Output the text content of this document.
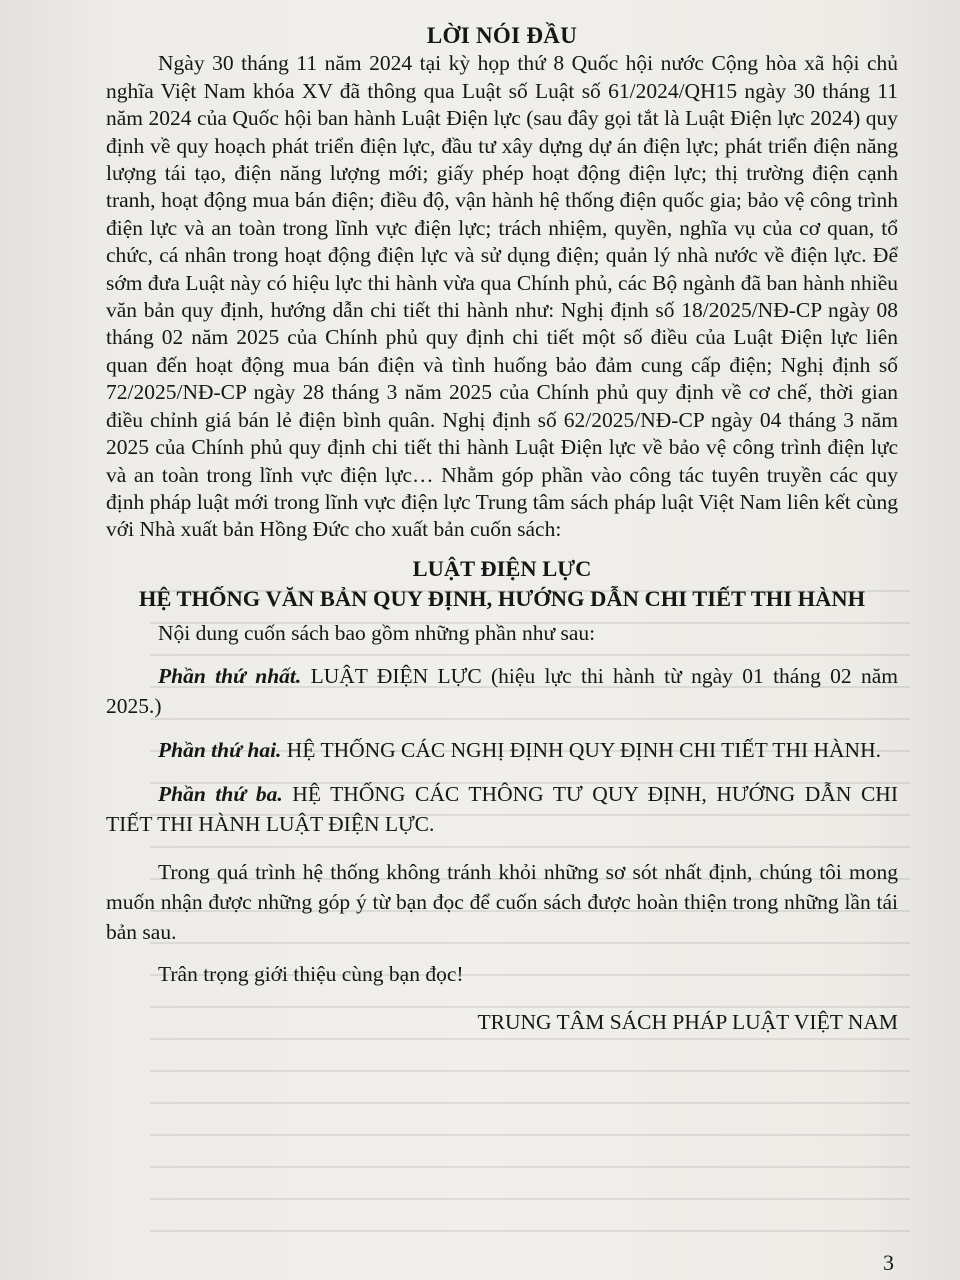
LỜI NÓI ĐẦU

Ngày 30 tháng 11 năm 2024 tại kỳ họp thứ 8 Quốc hội nước Cộng hòa xã hội chủ nghĩa Việt Nam khóa XV đã thông qua Luật số Luật số 61/2024/QH15 ngày 30 tháng 11 năm 2024 của Quốc hội ban hành Luật Điện lực (sau đây gọi tắt là Luật Điện lực 2024) quy định về quy hoạch phát triển điện lực, đầu tư xây dựng dự án điện lực; phát triển điện năng lượng tái tạo, điện năng lượng mới; giấy phép hoạt động điện lực; thị trường điện cạnh tranh, hoạt động mua bán điện; điều độ, vận hành hệ thống điện quốc gia; bảo vệ công trình điện lực và an toàn trong lĩnh vực điện lực; trách nhiệm, quyền, nghĩa vụ của cơ quan, tổ chức, cá nhân trong hoạt động điện lực và sử dụng điện; quản lý nhà nước về điện lực. Để sớm đưa Luật này có hiệu lực thi hành vừa qua Chính phủ, các Bộ ngành đã ban hành nhiều văn bản quy định, hướng dẫn chi tiết thi hành như: Nghị định số 18/2025/NĐ-CP ngày 08 tháng 02 năm 2025 của Chính phủ quy định chi tiết một số điều của Luật Điện lực liên quan đến hoạt động mua bán điện và tình huống bảo đảm cung cấp điện; Nghị định số 72/2025/NĐ-CP ngày 28 tháng 3 năm 2025 của Chính phủ quy định về cơ chế, thời gian điều chỉnh giá bán lẻ điện bình quân. Nghị định số 62/2025/NĐ-CP ngày 04 tháng 3 năm 2025 của Chính phủ quy định chi tiết thi hành Luật Điện lực về bảo vệ công trình điện lực và an toàn trong lĩnh vực điện lực… Nhằm góp phần vào công tác tuyên truyền các quy định pháp luật mới trong lĩnh vực điện lực Trung tâm sách pháp luật Việt Nam liên kết cùng với Nhà xuất bản Hồng Đức cho xuất bản cuốn sách:

LUẬT ĐIỆN LỰC
HỆ THỐNG VĂN BẢN QUY ĐỊNH, HƯỚNG DẪN CHI TIẾT THI HÀNH

Nội dung cuốn sách bao gồm những phần như sau:

Phần thứ nhất. LUẬT ĐIỆN LỰC (hiệu lực thi hành từ ngày 01 tháng 02 năm 2025.)

Phần thứ hai. HỆ THỐNG CÁC NGHỊ ĐỊNH QUY ĐỊNH CHI TIẾT THI HÀNH.

Phần thứ ba. HỆ THỐNG CÁC THÔNG TƯ QUY ĐỊNH, HƯỚNG DẪN CHI TIẾT THI HÀNH LUẬT ĐIỆN LỰC.

Trong quá trình hệ thống không tránh khỏi những sơ sót nhất định, chúng tôi mong muốn nhận được những góp ý từ bạn đọc để cuốn sách được hoàn thiện trong những lần tái bản sau.

Trân trọng giới thiệu cùng bạn đọc!

TRUNG TÂM SÁCH PHÁP LUẬT VIỆT NAM

3
